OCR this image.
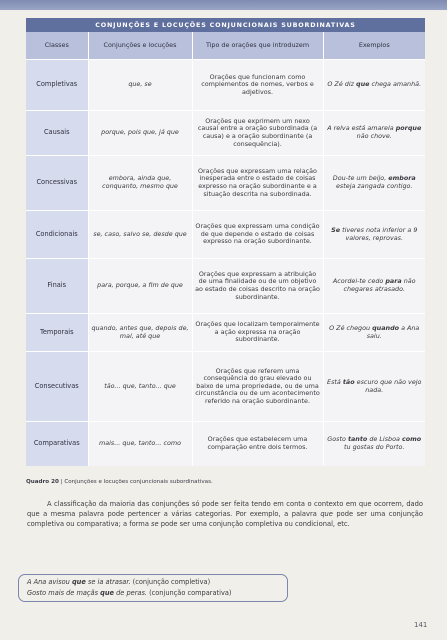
CONJUNÇÕES E LOCUÇÕES CONJUNCIONAIS SUBORDINATIVAS
Classes	Conjunções e locuções	Tipo de orações que introduzem	Exemplos
Completivas	que, se	Orações que funcionam como complementos de nomes, verbos e adjetivos.	O Zé diz que chega amanhã.
Causais	porque, pois que, já que	Orações que exprimem um nexo causal entre a oração subordinada (a causa) e a oração subordinante (a consequência).	A relva está amarela porque não chove.
Concessivas	embora, ainda que, conquanto, mesmo que	Orações que expressam uma relação inesperada entre o estado de coisas expresso na oração subordinante e a situação descrita na subordinada.	Dou-te um beijo, embora esteja zangada contigo.
Condicionais	se, caso, salvo se, desde que	Orações que expressam uma condição de que depende o estado de coisas expresso na oração subordinante.	Se tiveres nota inferior a 9 valores, reprovas.
Finais	para, porque, a fim de que	Orações que expressam a atribuição de uma finalidade ou de um objetivo ao estado de coisas descrito na oração subordinante.	Acordei-te cedo para não chegares atrasado.
Temporais	quando, antes que, depois de, mal, até que	Orações que localizam temporalmente a ação expressa na oração subordinante.	O Zé chegou quando a Ana saiu.
Consecutivas	tão... que, tanto... que	Orações que referem uma consequência do grau elevado ou baixo de uma propriedade, ou de uma circunstância ou de um acontecimento referido na oração subordinante.	Está tão escuro que não vejo nada.
Comparativas	mais... que, tanto... como	Orações que estabelecem uma comparação entre dois termos.	Gosto tanto de Lisboa como tu gostas do Porto.
Quadro 20 | Conjunções e locuções conjuncionais subordinativas.
A classificação da maioria das conjunções só pode ser feita tendo em conta o contexto em que ocorrem, dado que a mesma palavra pode pertencer a várias categorias. Por exemplo, a palavra que pode ser uma conjunção completiva ou comparativa; a forma se pode ser uma conjunção completiva ou condicional, etc.
A Ana avisou que se ia atrasar. (conjunção completiva)
Gosto mais de maçãs que de peras. (conjunção comparativa)
141
